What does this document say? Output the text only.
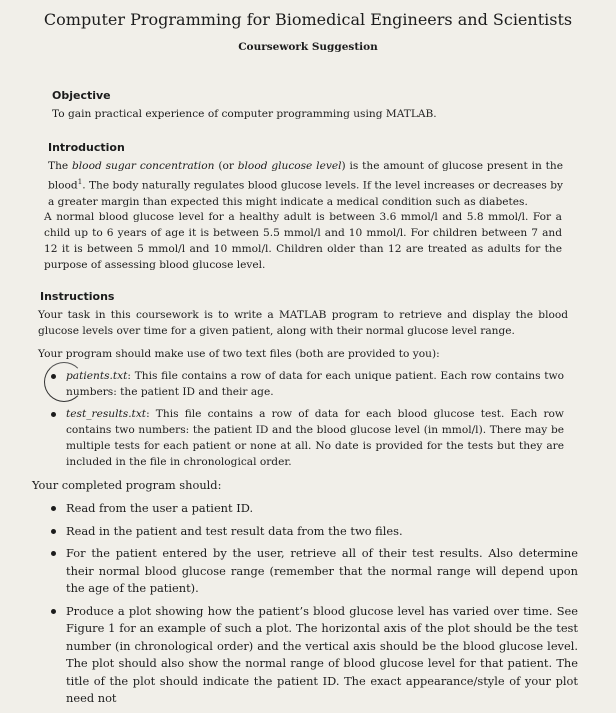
Computer Programming for Biomedical Engineers and Scientists
Coursework Suggestion
Objective
To gain practical experience of computer programming using MATLAB.
Introduction
The blood sugar concentration (or blood glucose level) is the amount of glucose present in the blood$^1$. The body naturally regulates blood glucose levels. If the level increases or decreases by a greater margin than expected this might indicate a medical condition such as diabetes.
A normal blood glucose level for a healthy adult is between 3.6 mmol/l and 5.8 mmol/l. For a child up to 6 years of age it is between 5.5 mmol/l and 10 mmol/l. For children between 7 and 12 it is between 5 mmol/l and 10 mmol/l. Children older than 12 are treated as adults for the purpose of assessing blood glucose level.
Instructions
Your task in this coursework is to write a MATLAB program to retrieve and display the blood glucose levels over time for a given patient, along with their normal glucose level range.
Your program should make use of two text files (both are provided to you):
patients.txt: This file contains a row of data for each unique patient. Each row contains two numbers: the patient ID and their age.
test_results.txt: This file contains a row of data for each blood glucose test. Each row contains two numbers: the patient ID and the blood glucose level (in mmol/l). There may be multiple tests for each patient or none at all. No date is provided for the tests but they are included in the file in chronological order.
Your completed program should:
Read from the user a patient ID.
Read in the patient and test result data from the two files.
For the patient entered by the user, retrieve all of their test results. Also determine their normal blood glucose range (remember that the normal range will depend upon the age of the patient).
Produce a plot showing how the patient’s blood glucose level has varied over time. See Figure 1 for an example of such a plot. The horizontal axis of the plot should be the test number (in chronological order) and the vertical axis should be the blood glucose level. The plot should also show the normal range of blood glucose level for that patient. The title of the plot should indicate the patient ID. The exact appearance/style of your plot need not
